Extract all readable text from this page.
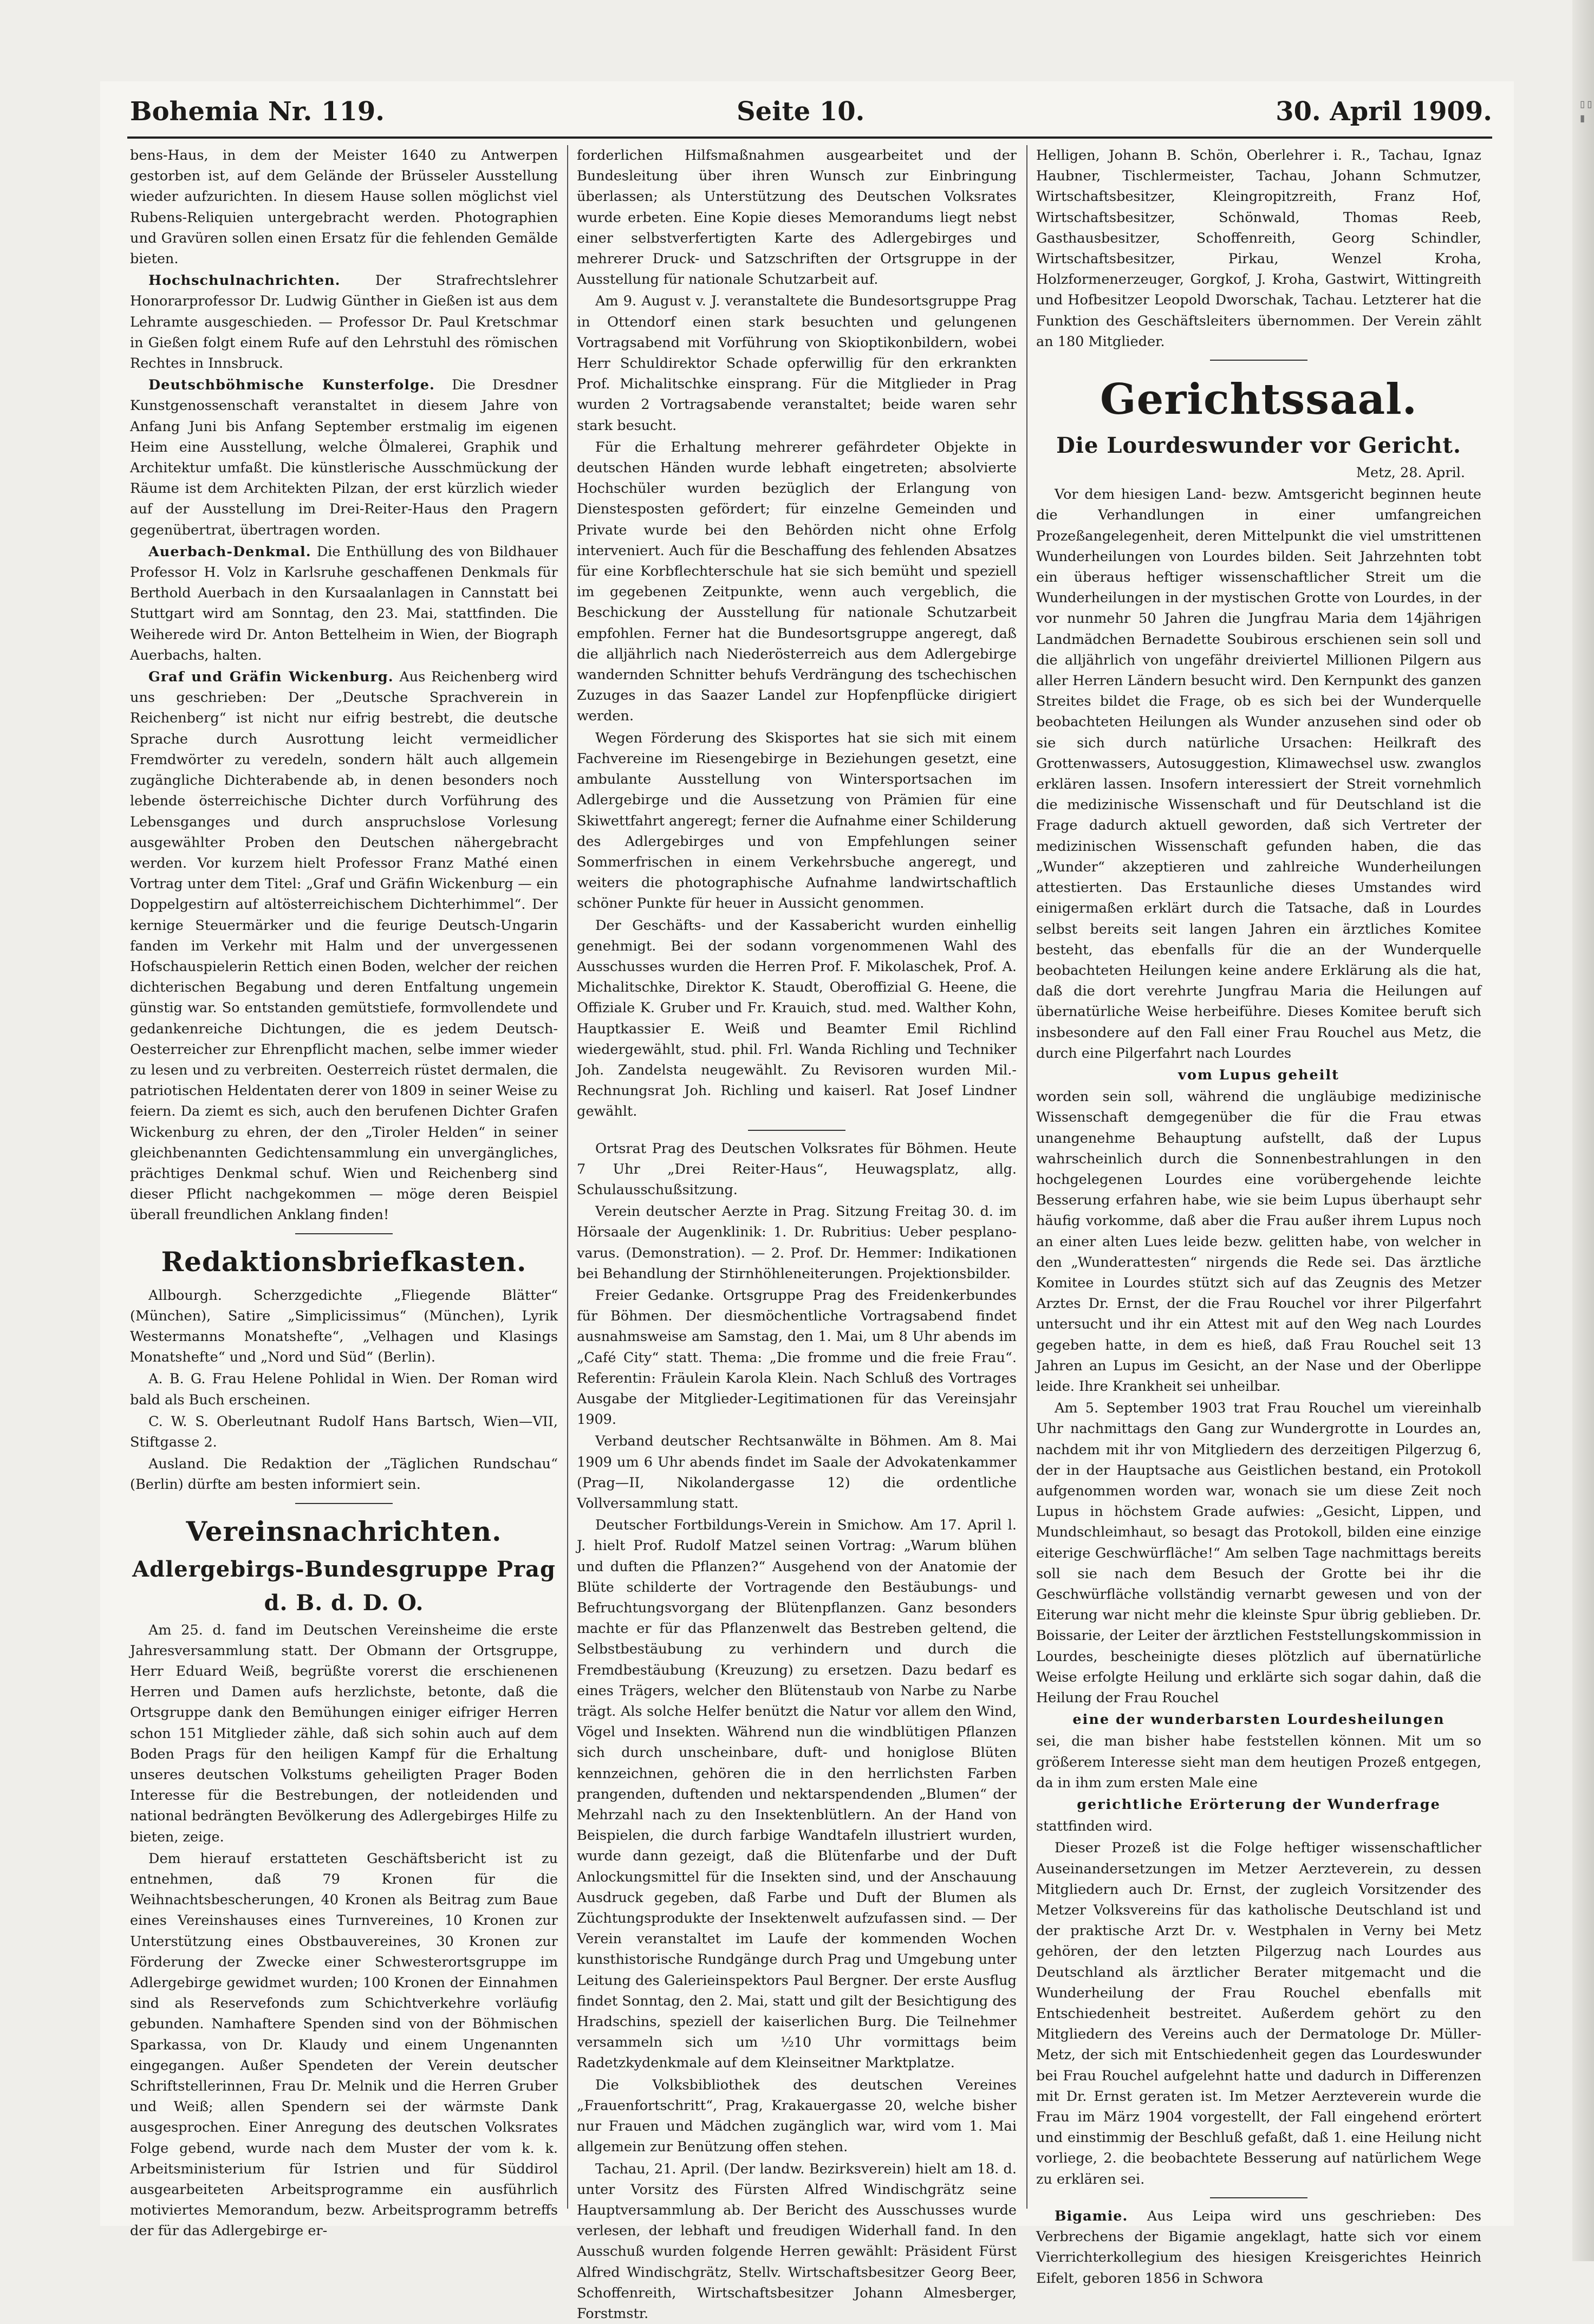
▯▯ ▮
Bohemia Nr. 119.	Seite 10.	30. April 1909.

bens-Haus, in dem der Meister 1640 zu Antwerpen gestorben ist, auf dem Gelände der Brüsseler Ausstellung wieder aufzurichten. In diesem Hause sollen möglichst viel Rubens-Reliquien untergebracht werden. Photographien und Gravüren sollen einen Ersatz für die fehlenden Gemälde bieten.

Hochschulnachrichten.	Der Strafrechtslehrer Honorarprofessor Dr. Ludwig Günther in Gießen ist aus dem Lehramte ausgeschieden. — Professor Dr. Paul Kretschmar in Gießen folgt einem Rufe auf den Lehrstuhl des römischen Rechtes in Innsbruck.

Deutschböhmische Kunsterfolge. Die Dresdner Kunstgenossenschaft veranstaltet in diesem Jahre von Anfang Juni bis Anfang September erstmalig im eigenen Heim eine Ausstellung, welche Ölmalerei, Graphik und Architektur umfaßt. Die künstlerische Ausschmückung der Räume ist dem Architekten Pilzan, der erst kürzlich wieder auf der Ausstellung im Drei-Reiter-Haus den Pragern gegenübertrat, übertragen worden.

Auerbach-Denkmal. Die Enthüllung des von Bildhauer Professor H. Volz in Karlsruhe geschaffenen Denkmals für Berthold Auerbach in den Kursaalanlagen in Cannstatt bei Stuttgart wird am Sonntag, den 23. Mai, stattfinden. Die Weiherede wird Dr. Anton Bettelheim in Wien, der Biograph Auerbachs, halten.

Graf und Gräfin Wickenburg. Aus Reichenberg wird uns geschrieben: Der „Deutsche Sprachverein in Reichenberg“ ist nicht nur eifrig bestrebt, die deutsche Sprache durch Ausrottung leicht vermeidlicher Fremdwörter zu veredeln, sondern hält auch allgemein zugängliche Dichterabende ab, in denen besonders noch lebende österreichische Dichter durch Vorführung des Lebensganges und durch anspruchslose Vorlesung ausgewählter Proben den Deutschen nähergebracht werden. Vor kurzem hielt Professor Franz Mathé einen Vortrag unter dem Titel: „Graf und Gräfin Wickenburg — ein Doppelgestirn auf altösterreichischem Dichterhimmel“. Der kernige Steuermärker und die feurige Deutsch-Ungarin fanden im Verkehr mit Halm und der unvergessenen Hofschauspielerin Rettich einen Boden, welcher der reichen dichterischen Begabung und deren Entfaltung ungemein günstig war. So entstanden gemütstiefe, formvollendete und gedankenreiche Dichtungen, die es jedem Deutsch-Oesterreicher zur Ehrenpflicht machen, selbe immer wieder zu lesen und zu verbreiten. Oesterreich rüstet dermalen, die patriotischen Heldentaten derer von 1809 in seiner Weise zu feiern. Da ziemt es sich, auch den berufenen Dichter Grafen Wickenburg zu ehren, der den „Tiroler Helden“ in seiner gleichbenannten Gedichtensammlung ein unvergängliches, prächtiges Denkmal schuf. Wien und Reichenberg sind dieser Pflicht nachgekommen — möge deren Beispiel überall freundlichen Anklang finden!

Redaktionsbriefkasten.

Allbourgh. Scherzgedichte „Fliegende Blätter“ (München), Satire „Simplicissimus“ (München), Lyrik Westermanns Monatshefte“, „Velhagen und Klasings Monatshefte“ und „Nord und Süd“ (Berlin).

A. B. G. Frau Helene Pohlidal in Wien. Der Roman wird bald als Buch erscheinen.

C. W. S. Oberleutnant Rudolf Hans Bartsch, Wien—VII, Stiftgasse 2.

Ausland. Die Redaktion der „Täglichen Rundschau“ (Berlin) dürfte am besten informiert sein.

Vereinsnachrichten.
Adlergebirgs-Bundesgruppe Prag
d. B. d. D. O.

Am 25. d. fand im Deutschen Vereinsheime die erste Jahresversammlung statt. Der Obmann der Ortsgruppe, Herr Eduard Weiß, begrüßte vorerst die erschienenen Herren und Damen aufs herzlichste, betonte, daß die Ortsgruppe dank den Bemühungen einiger eifriger Herren schon 151 Mitglieder zähle, daß sich sohin auch auf dem Boden Prags für den heiligen Kampf für die Erhaltung unseres deutschen Volkstums geheiligten Prager Boden Interesse für die Bestrebungen, der notleidenden und national bedrängten Bevölkerung des Adlergebirges Hilfe zu bieten, zeige.

Dem hierauf erstatteten Geschäftsbericht ist zu entnehmen, daß 79 Kronen für die Weihnachtsbescherungen, 40 Kronen als Beitrag zum Baue eines Vereinshauses eines Turnvereines, 10 Kronen zur Unterstützung eines Obstbauvereines, 30 Kronen zur Förderung der Zwecke einer Schwesterortsgruppe im Adlergebirge gewidmet wurden; 100 Kronen der Einnahmen sind als Reservefonds zum Schichtverkehre vorläufig gebunden. Namhaftere Spenden sind von der Böhmischen Sparkassa, von Dr. Klaudy und einem Ungenannten eingegangen. Außer Spendeten der Verein deutscher Schriftstellerinnen, Frau Dr. Melnik und die Herren Gruber und Weiß; allen Spendern sei der wärmste Dank ausgesprochen. Einer Anregung des deutschen Volksrates Folge gebend, wurde nach dem Muster der vom k. k. Arbeitsministerium für Istrien und für Süddirol ausgearbeiteten Arbeitsprogramme ein ausführlich motiviertes Memorandum, bezw. Arbeitsprogramm betreffs der für das Adlergebirge er-

forderlichen Hilfsmaßnahmen ausgearbeitet und der Bundesleitung über ihren Wunsch zur Einbringung überlassen; als Unterstützung des Deutschen Volksrates wurde erbeten. Eine Kopie dieses Memorandums liegt nebst einer selbstverfertigten Karte des Adlergebirges und mehrerer Druck- und Satzschriften der Ortsgruppe in der Ausstellung für nationale Schutzarbeit auf.

Am 9. August v. J. veranstaltete die Bundesortsgruppe Prag in Ottendorf einen stark besuchten und gelungenen Vortragsabend mit Vorführung von Skioptikonbildern, wobei Herr Schuldirektor Schade opferwillig für den erkrankten Prof. Michalitschke einsprang. Für die Mitglieder in Prag wurden 2 Vortragsabende veranstaltet; beide waren sehr stark besucht.

Für die Erhaltung mehrerer gefährdeter Objekte in deutschen Händen wurde lebhaft eingetreten; absolvierte Hochschüler wurden bezüglich der Erlangung von Dienstesposten gefördert; für einzelne Gemeinden und Private wurde bei den Behörden nicht ohne Erfolg interveniert. Auch für die Beschaffung des fehlenden Absatzes für eine Korbflechterschule hat sie sich bemüht und speziell im gegebenen Zeitpunkte, wenn auch vergeblich, die Beschickung der Ausstellung für nationale Schutzarbeit empfohlen. Ferner hat die Bundesortsgruppe angeregt, daß die alljährlich nach Niederösterreich aus dem Adlergebirge wandernden Schnitter behufs Verdrängung des tschechischen Zuzuges in das Saazer Landel zur Hopfenpflücke dirigiert werden.

Wegen Förderung des Skisportes hat sie sich mit einem Fachvereine im Riesengebirge in Beziehungen gesetzt, eine ambulante Ausstellung von Wintersportsachen im Adlergebirge und die Aussetzung von Prämien für eine Skiwettfahrt angeregt; ferner die Aufnahme einer Schilderung des Adlergebirges und von Empfehlungen seiner Sommerfrischen in einem Verkehrsbuche angeregt, und weiters die photographische Aufnahme landwirtschaftlich schöner Punkte für heuer in Aussicht genommen.

Der Geschäfts- und der Kassabericht wurden einhellig genehmigt. Bei der sodann vorgenommenen Wahl des Ausschusses wurden die Herren Prof. F. Mikolaschek, Prof. A. Michalitschke, Direktor K. Staudt, Oberoffizial G. Heene, die Offiziale K. Gruber und Fr. Krauich, stud. med. Walther Kohn, Hauptkassier E. Weiß und Beamter Emil Richlind wiedergewählt, stud. phil. Frl. Wanda Richling und Techniker Joh. Zandelsta neugewählt. Zu Revisoren wurden Mil.-Rechnungsrat Joh. Richling und kaiserl. Rat Josef Lindner gewählt.

Ortsrat Prag des Deutschen Volksrates für Böhmen. Heute 7 Uhr „Drei Reiter-Haus“, Heuwagsplatz, allg. Schulausschußsitzung.

Verein deutscher Aerzte in Prag. Sitzung Freitag 30. d. im Hörsaale der Augenklinik: 1. Dr. Rubritius: Ueber pesplano-varus. (Demonstration). — 2. Prof. Dr. Hemmer: Indikationen bei Behandlung der Stirnhöhleneiterungen. Projektionsbilder.

Freier Gedanke. Ortsgruppe Prag des Freidenkerbundes für Böhmen. Der diesmöchentliche Vortragsabend findet ausnahmsweise am Samstag, den 1. Mai, um 8 Uhr abends im „Café City“ statt. Thema: „Die fromme und die freie Frau“. Referentin: Fräulein Karola Klein. Nach Schluß des Vortrages Ausgabe der Mitglieder-Legitimationen für das Vereinsjahr 1909.

Verband deutscher Rechtsanwälte in Böhmen. Am 8. Mai 1909 um 6 Uhr abends findet im Saale der Advokatenkammer (Prag—II, Nikolandergasse 12) die ordentliche Vollversammlung statt.

Deutscher Fortbildungs-Verein in Smichow. Am 17. April l. J. hielt Prof. Rudolf Matzel seinen Vortrag: „Warum blühen und duften die Pflanzen?“ Ausgehend von der Anatomie der Blüte schilderte der Vortragende den Bestäubungs- und Befruchtungsvorgang der Blütenpflanzen. Ganz besonders machte er für das Pflanzenwelt das Bestreben geltend, die Selbstbestäubung zu verhindern und durch die Fremdbestäubung (Kreuzung) zu ersetzen. Dazu bedarf es eines Trägers, welcher den Blütenstaub von Narbe zu Narbe trägt. Als solche Helfer benützt die Natur vor allem den Wind, Vögel und Insekten. Während nun die windblütigen Pflanzen sich durch unscheinbare, duft- und honiglose Blüten kennzeichnen, gehören die in den herrlichsten Farben prangenden, duftenden und nektarspendenden „Blumen“ der Mehrzahl nach zu den Insektenblütlern. An der Hand von Beispielen, die durch farbige Wandtafeln illustriert wurden, wurde dann gezeigt, daß die Blütenfarbe und der Duft Anlockungsmittel für die Insekten sind, und der Anschauung Ausdruck gegeben, daß Farbe und Duft der Blumen als Züchtungsprodukte der Insektenwelt aufzufassen sind. — Der Verein veranstaltet im Laufe der kommenden Wochen kunsthistorische Rundgänge durch Prag und Umgebung unter Leitung des Galerieinspektors Paul Bergner. Der erste Ausflug findet Sonntag, den 2. Mai, statt und gilt der Besichtigung des Hradschins, speziell der kaiserlichen Burg. Die Teilnehmer versammeln sich um ½10 Uhr vormittags beim Radetzkydenkmale auf dem Kleinseitner Marktplatze.

Die Volksbibliothek des deutschen Vereines „Frauenfortschritt“, Prag, Krakauergasse 20, welche bisher nur Frauen und Mädchen zugänglich war, wird vom 1. Mai allgemein zur Benützung offen stehen.

Tachau, 21. April. (Der landw. Bezirksverein) hielt am 18. d. unter Vorsitz des Fürsten Alfred Windischgrätz seine Hauptversammlung ab. Der Bericht des Ausschusses wurde verlesen, der lebhaft und freudigen Widerhall fand. In den Ausschuß wurden folgende Herren gewählt: Präsident Fürst Alfred Windischgrätz, Stellv. Wirtschaftsbesitzer Georg Beer, Schoffenreith, Wirtschaftsbesitzer Johann Almesberger, Forstmstr.

Helligen, Johann B. Schön, Oberlehrer i. R., Tachau, Ignaz Haubner, Tischlermeister, Tachau, Johann Schmutzer, Wirtschaftsbesitzer, Kleingropitzreith, Franz Hof, Wirtschaftsbesitzer, Schönwald, Thomas Reeb, Gasthausbesitzer, Schoffenreith, Georg Schindler, Wirtschaftsbesitzer, Pirkau, Wenzel Kroha, Holzformenerzeuger, Gorgkof, J. Kroha, Gastwirt, Wittingreith und Hofbesitzer Leopold Dworschak, Tachau. Letzterer hat die Funktion des Geschäftsleiters übernommen. Der Verein zählt an 180 Mitglieder.

Gerichtssaal.
Die Lourdeswunder vor Gericht.

Metz, 28. April.

Vor dem hiesigen Land- bezw. Amtsgericht beginnen heute die Verhandlungen in einer umfangreichen Prozeßangelegenheit, deren Mittelpunkt die viel umstrittenen Wunderheilungen von Lourdes bilden. Seit Jahrzehnten tobt ein überaus heftiger wissenschaftlicher Streit um die Wunderheilungen in der mystischen Grotte von Lourdes, in der vor nunmehr 50 Jahren die Jungfrau Maria dem 14jährigen Landmädchen Bernadette Soubirous erschienen sein soll und die alljährlich von ungefähr dreiviertel Millionen Pilgern aus aller Herren Ländern besucht wird. Den Kernpunkt des ganzen Streites bildet die Frage, ob es sich bei der Wunderquelle beobachteten Heilungen als Wunder anzusehen sind oder ob sie sich durch natürliche Ursachen: Heilkraft des Grottenwassers, Autosuggestion, Klimawechsel usw. zwanglos erklären lassen. Insofern interessiert der Streit vornehmlich die medizinische Wissenschaft und für Deutschland ist die Frage dadurch aktuell geworden, daß sich Vertreter der medizinischen Wissenschaft gefunden haben, die das „Wunder“ akzeptieren und zahlreiche Wunderheilungen attestierten. Das Erstaunliche dieses Umstandes wird einigermaßen erklärt durch die Tatsache, daß in Lourdes selbst bereits seit langen Jahren ein ärztliches Komitee besteht, das ebenfalls für die an der Wunderquelle beobachteten Heilungen keine andere Erklärung als die hat, daß die dort verehrte Jungfrau Maria die Heilungen auf übernatürliche Weise herbeiführe. Dieses Komitee beruft sich insbesondere auf den Fall einer Frau Rouchel aus Metz, die durch eine Pilgerfahrt nach Lourdes

vom Lupus geheilt

worden sein soll, während die ungläubige medizinische Wissenschaft demgegenüber die für die Frau etwas unangenehme Behauptung aufstellt, daß der Lupus wahrscheinlich durch die Sonnenbestrahlungen in den hochgelegenen Lourdes eine vorübergehende leichte Besserung erfahren habe, wie sie beim Lupus überhaupt sehr häufig vorkomme, daß aber die Frau außer ihrem Lupus noch an einer alten Lues leide bezw. gelitten habe, von welcher in den „Wunderattesten“ nirgends die Rede sei. Das ärztliche Komitee in Lourdes stützt sich auf das Zeugnis des Metzer Arztes Dr. Ernst, der die Frau Rouchel vor ihrer Pilgerfahrt untersucht und ihr ein Attest mit auf den Weg nach Lourdes gegeben hatte, in dem es hieß, daß Frau Rouchel seit 13 Jahren an Lupus im Gesicht, an der Nase und der Oberlippe leide. Ihre Krankheit sei unheilbar.

Am 5. September 1903 trat Frau Rouchel um viereinhalb Uhr nachmittags den Gang zur Wundergrotte in Lourdes an, nachdem mit ihr von Mitgliedern des derzeitigen Pilgerzug 6, der in der Hauptsache aus Geistlichen bestand, ein Protokoll aufgenommen worden war, wonach sie um diese Zeit noch Lupus in höchstem Grade aufwies: „Gesicht, Lippen, und Mundschleimhaut, so besagt das Protokoll, bilden eine einzige eiterige Geschwürfläche!“ Am selben Tage nachmittags bereits soll sie nach dem Besuch der Grotte bei ihr die Geschwürfläche vollständig vernarbt gewesen und von der Eiterung war nicht mehr die kleinste Spur übrig geblieben. Dr. Boissarie, der Leiter der ärztlichen Feststellungskommission in Lourdes, bescheinigte dieses plötzlich auf übernatürliche Weise erfolgte Heilung und erklärte sich sogar dahin, daß die Heilung der Frau Rouchel

eine der wunderbarsten Lourdesheilungen

sei, die man bisher habe feststellen können. Mit um so größerem Interesse sieht man dem heutigen Prozeß entgegen, da in ihm zum ersten Male eine

gerichtliche Erörterung der Wunderfrage

stattfinden wird.

Dieser Prozeß ist die Folge heftiger wissenschaftlicher Auseinandersetzungen im Metzer Aerzteverein, zu dessen Mitgliedern auch Dr. Ernst, der zugleich Vorsitzender des Metzer Volksvereins für das katholische Deutschland ist und der praktische Arzt Dr. v. Westphalen in Verny bei Metz gehören, der den letzten Pilgerzug nach Lourdes aus Deutschland als ärztlicher Berater mitgemacht und die Wunderheilung der Frau Rouchel ebenfalls mit Entschiedenheit bestreitet. Außerdem gehört zu den Mitgliedern des Vereins auch der Dermatologe Dr. Müller-Metz, der sich mit Entschiedenheit gegen das Lourdeswunder bei Frau Rouchel aufgelehnt hatte und dadurch in Differenzen mit Dr. Ernst geraten ist. Im Metzer Aerzteverein wurde die Frau im März 1904 vorgestellt, der Fall eingehend erörtert und einstimmig der Beschluß gefaßt, daß 1. eine Heilung nicht vorliege, 2. die beobachtete Besserung auf natürlichem Wege zu erklären sei.

Bigamie. Aus Leipa wird uns geschrieben: Des Verbrechens der Bigamie angeklagt, hatte sich vor einem Vierrichterkollegium des hiesigen Kreisgerichtes Heinrich Eifelt, geboren 1856 in Schwora
